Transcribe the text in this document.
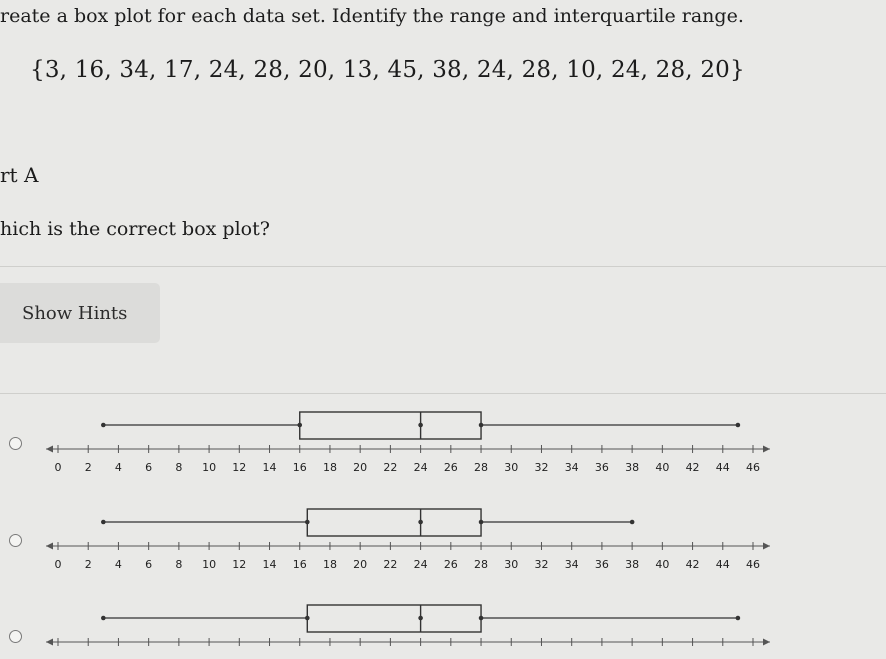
reate a box plot for each data set. Identify the range and interquartile range.
{3, 16, 34, 17, 24, 28, 20, 13, 45, 38, 24, 28, 10, 24, 28, 20}
rt A
hich is the correct box plot?
Show Hints
0 2 4 6 8 10 12 14 16 18 20 22 24 26 28 30 32 34 36 38 40 42 44 46
0 2 4 6 8 10 12 14 16 18 20 22 24 26 28 30 32 34 36 38 40 42 44 46
